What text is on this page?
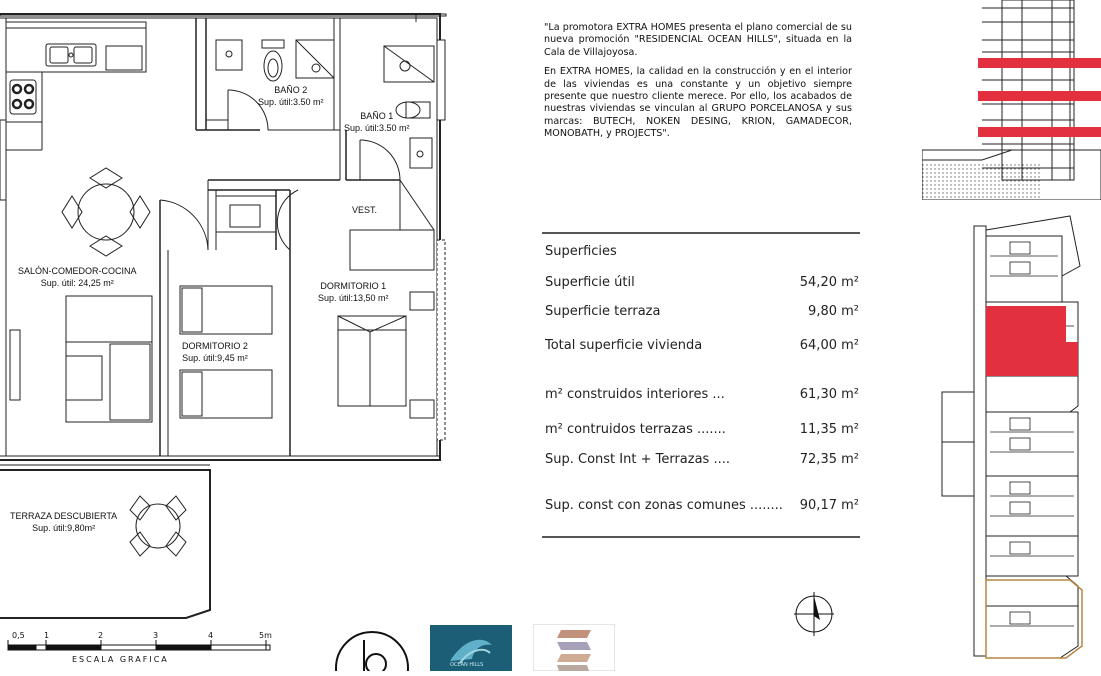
BAÑO 2
Sup. útil:3.50 m²
BAÑO 1
Sup. útil:3.50 m²
VEST.
SALÓN-COMEDOR-COCINA
Sup. útil: 24,25 m²	DORMITORIO 1
Sup. útil:13,50 m²
DORMITORIO 2
Sup. útil:9,45 m²
TERRAZA DESCUBIERTA
Sup. útil:9,80m²
0,5 1	2	3	4	5m
ESCALA GRAFICA
OCEAN HILLS

"La promotora EXTRA HOMES presenta el plano comercial de su nueva promoción "RESIDENCIAL OCEAN HILLS", situada en la Cala de Villajoyosa.

En EXTRA HOMES, la calidad en la construcción y en el interior de las viviendas es una constante y un objetivo siempre presente que nuestro cliente merece. Por ello, los acabados de nuestras viviendas se vinculan al GRUPO PORCELANOSA y sus marcas: BUTECH, NOKEN DESING, KRION, GAMADECOR, MONOBATH, y PROJECTS".

Superficies
Superficie útil	54,20 m²
Superficie terraza	9,80 m²
Total superficie vivienda	64,00 m²
m² construidos interiores ...	61,30 m²
m² contruidos terrazas .......	11,35 m²
Sup. Const Int + Terrazas ....	72,35 m²
Sup. const con zonas comunes ........ 90,17 m²
